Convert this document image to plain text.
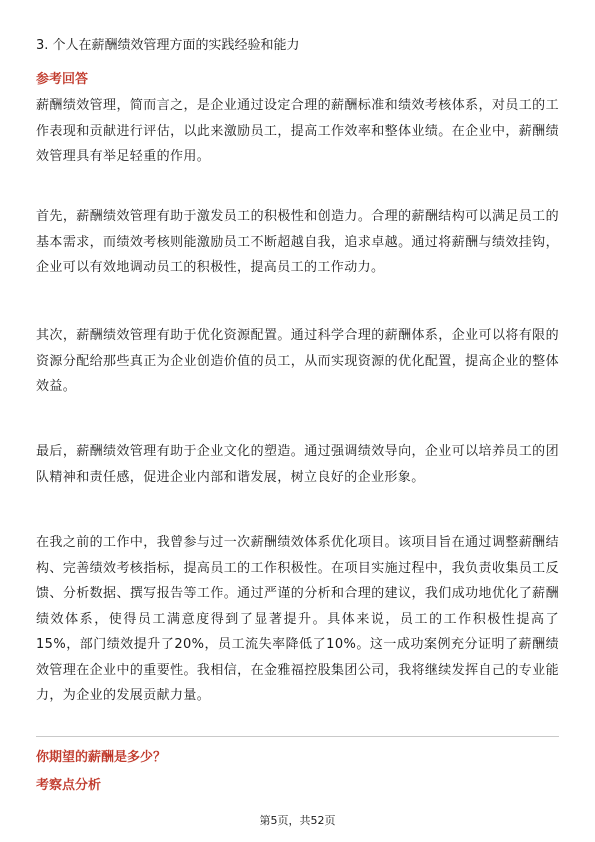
3. 个人在薪酬绩效管理方面的实践经验和能力
参考回答

薪酬绩效管理，简而言之，是企业通过设定合理的薪酬标准和绩效考核体系，对员工的工作表现和贡献进行评估，以此来激励员工，提高工作效率和整体业绩。在企业中，薪酬绩效管理具有举足轻重的作用。

首先，薪酬绩效管理有助于激发员工的积极性和创造力。合理的薪酬结构可以满足员工的基本需求，而绩效考核则能激励员工不断超越自我，追求卓越。通过将薪酬与绩效挂钩，企业可以有效地调动员工的积极性，提高员工的工作动力。

其次，薪酬绩效管理有助于优化资源配置。通过科学合理的薪酬体系，企业可以将有限的资源分配给那些真正为企业创造价值的员工，从而实现资源的优化配置，提高企业的整体效益。

最后，薪酬绩效管理有助于企业文化的塑造。通过强调绩效导向，企业可以培养员工的团队精神和责任感，促进企业内部和谐发展，树立良好的企业形象。

在我之前的工作中，我曾参与过一次薪酬绩效体系优化项目。该项目旨在通过调整薪酬结构、完善绩效考核指标，提高员工的工作积极性。在项目实施过程中，我负责收集员工反馈、分析数据、撰写报告等工作。通过严谨的分析和合理的建议，我们成功地优化了薪酬绩效体系，使得员工满意度得到了显著提升。具体来说，员工的工作积极性提高了15%，部门绩效提升了20%，员工流失率降低了10%。这一成功案例充分证明了薪酬绩效管理在企业中的重要性。我相信，在金雅福控股集团公司，我将继续发挥自己的专业能力，为企业的发展贡献力量。

你期望的薪酬是多少？
考察点分析
第5页，共52页
